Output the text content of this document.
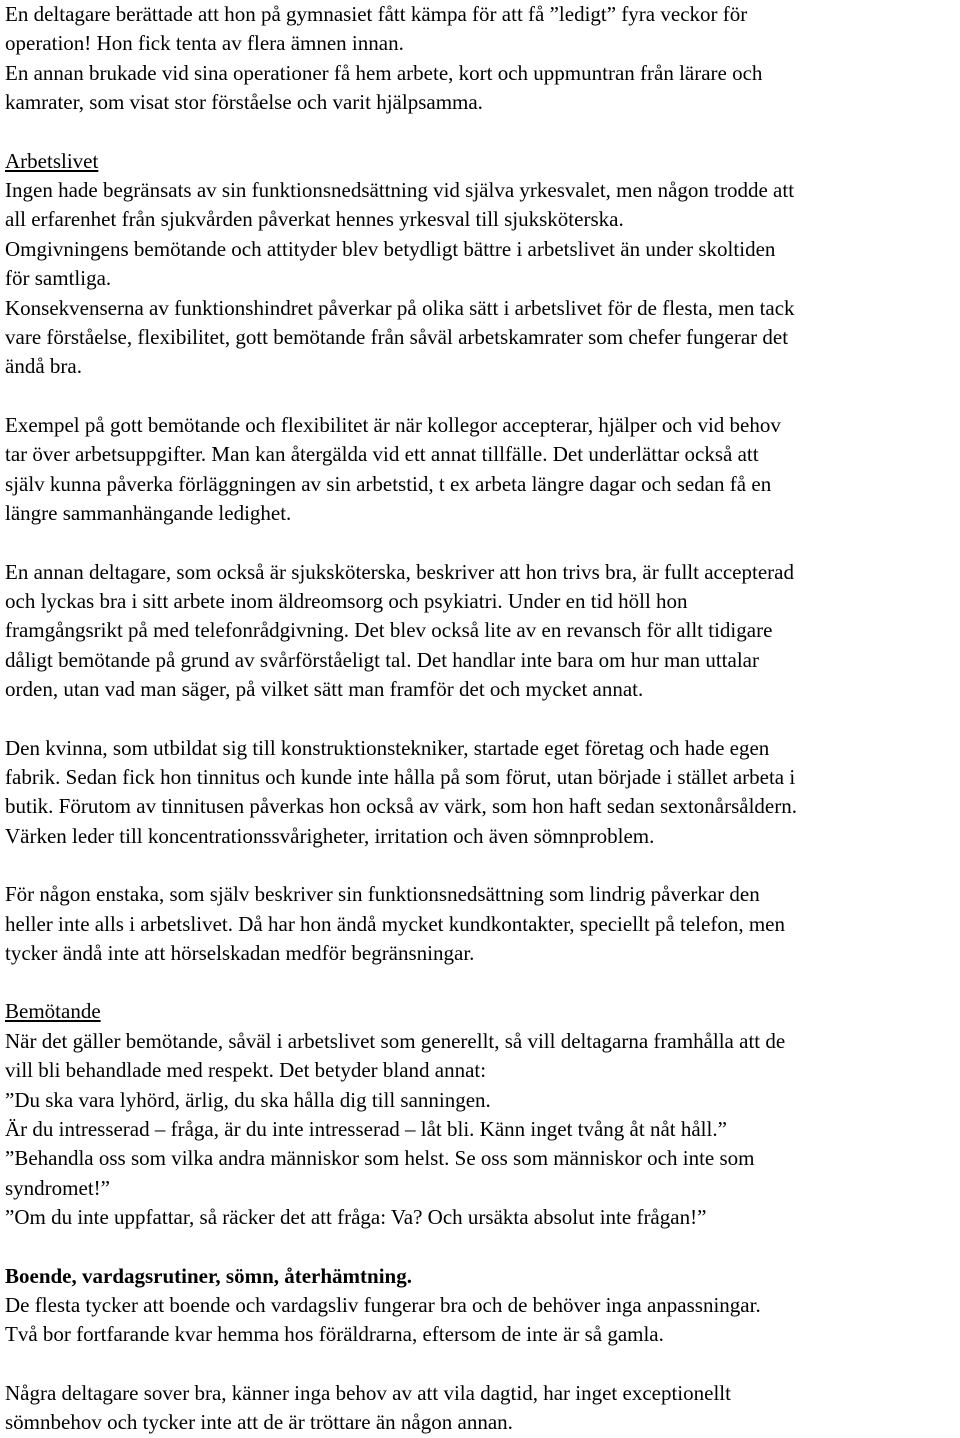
En deltagare berättade att hon på gymnasiet fått kämpa för att få ”ledigt” fyra veckor för
operation! Hon fick tenta av flera ämnen innan.
En annan brukade vid sina operationer få hem arbete, kort och uppmuntran från lärare och
kamrater, som visat stor förståelse och varit hjälpsamma.

Arbetslivet
Ingen hade begränsats av sin funktionsnedsättning vid själva yrkesvalet, men någon trodde att
all erfarenhet från sjukvården påverkat hennes yrkesval till sjuksköterska.
Omgivningens bemötande och attityder blev betydligt bättre i arbetslivet än under skoltiden
för samtliga.
Konsekvenserna av funktionshindret påverkar på olika sätt i arbetslivet för de flesta, men tack
vare förståelse, flexibilitet, gott bemötande från såväl arbetskamrater som chefer fungerar det
ändå bra.

Exempel på gott bemötande och flexibilitet är när kollegor accepterar, hjälper och vid behov
tar över arbetsuppgifter. Man kan återgälda vid ett annat tillfälle. Det underlättar också att
själv kunna påverka förläggningen av sin arbetstid, t ex arbeta längre dagar och sedan få en
längre sammanhängande ledighet.

En annan deltagare, som också är sjuksköterska, beskriver att hon trivs bra, är fullt accepterad
och lyckas bra i sitt arbete inom äldreomsorg och psykiatri. Under en tid höll hon
framgångsrikt på med telefonrådgivning. Det blev också lite av en revansch för allt tidigare
dåligt bemötande på grund av svårförståeligt tal. Det handlar inte bara om hur man uttalar
orden, utan vad man säger, på vilket sätt man framför det och mycket annat.

Den kvinna, som utbildat sig till konstruktionstekniker, startade eget företag och hade egen
fabrik. Sedan fick hon tinnitus och kunde inte hålla på som förut, utan började i stället arbeta i
butik. Förutom av tinnitusen påverkas hon också av värk, som hon haft sedan sextonårsåldern.
Värken leder till koncentrationssvårigheter, irritation och även sömnproblem.

För någon enstaka, som själv beskriver sin funktionsnedsättning som lindrig påverkar den
heller inte alls i arbetslivet. Då har hon ändå mycket kundkontakter, speciellt på telefon, men
tycker ändå inte att hörselskadan medför begränsningar.

Bemötande
När det gäller bemötande, såväl i arbetslivet som generellt, så vill deltagarna framhålla att de
vill bli behandlade med respekt. Det betyder bland annat:
”Du ska vara lyhörd, ärlig, du ska hålla dig till sanningen.
Är du intresserad – fråga, är du inte intresserad – låt bli. Känn inget tvång åt nåt håll.”
”Behandla oss som vilka andra människor som helst. Se oss som människor och inte som
syndromet!”
”Om du inte uppfattar, så räcker det att fråga: Va? Och ursäkta absolut inte frågan!”

Boende, vardagsrutiner, sömn, återhämtning.
De flesta tycker att boende och vardagsliv fungerar bra och de behöver inga anpassningar.
Två bor fortfarande kvar hemma hos föräldrarna, eftersom de inte är så gamla.

Några deltagare sover bra, känner inga behov av att vila dagtid, har inget exceptionellt
sömnbehov och tycker inte att de är tröttare än någon annan.
